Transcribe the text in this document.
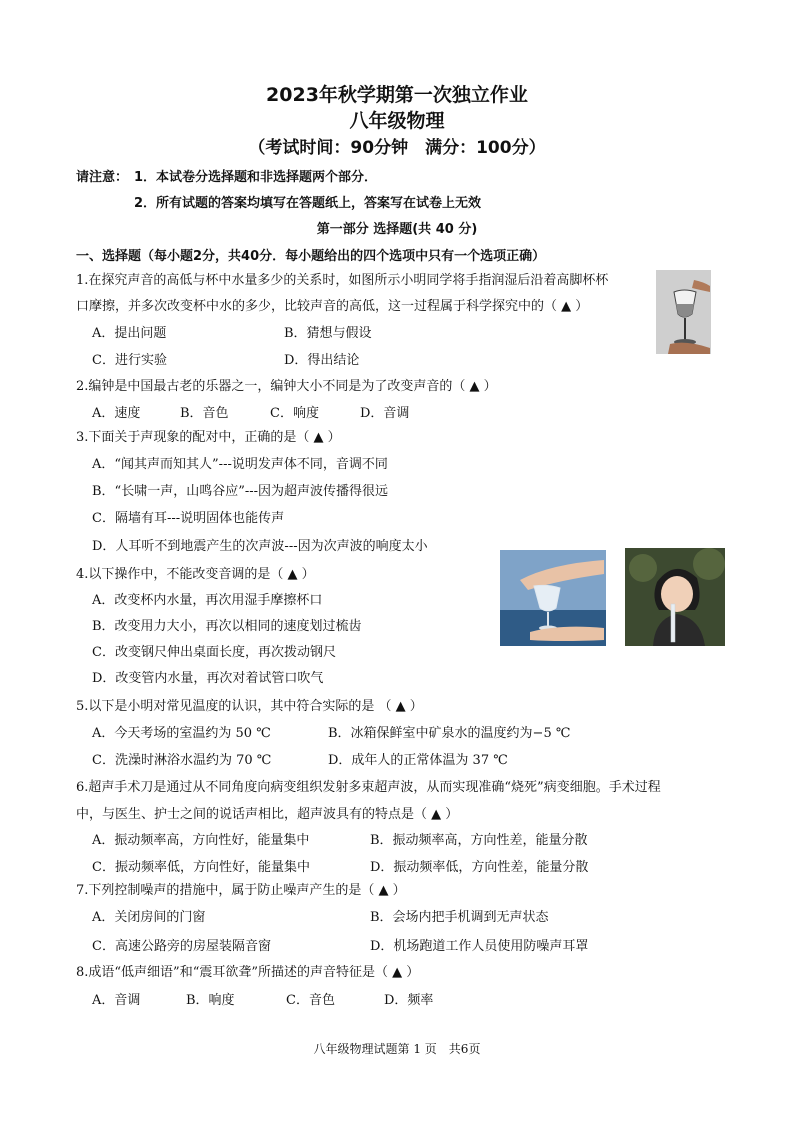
2023年秋学期第一次独立作业
八年级物理
（考试时间：90分钟　满分：100分）
请注意： 1．本试卷分选择题和非选择题两个部分．
2．所有试题的答案均填写在答题纸上，答案写在试卷上无效
第一部分 选择题(共 40 分)
一、选择题（每小题2分，共40分．每小题给出的四个选项中只有一个选项正确）
1.在探究声音的高低与杯中水量多少的关系时，如图所示小明同学将手指润湿后沿着高脚杯杯
口摩擦，并多次改变杯中水的多少，比较声音的高低，这一过程属于科学探究中的（ ▲ ）
A．提出问题	B．猜想与假设
C．进行实验	D．得出结论
2.编钟是中国最古老的乐器之一，编钟大小不同是为了改变声音的（ ▲ ）
A．速度	B．音色	C．响度	D．音调
3.下面关于声现象的配对中，正确的是（ ▲ ）
A．“闻其声而知其人”---说明发声体不同，音调不同
B．“长啸一声，山鸣谷应”---因为超声波传播得很远
C．隔墙有耳---说明固体也能传声
D．人耳听不到地震产生的次声波---因为次声波的响度太小
4.以下操作中，不能改变音调的是（ ▲ ）
A．改变杯内水量，再次用湿手摩擦杯口
B．改变用力大小，再次以相同的速度划过梳齿
C．改变钢尺伸出桌面长度，再次拨动钢尺
D．改变管内水量，再次对着试管口吹气
5.以下是小明对常见温度的认识，其中符合实际的是 （ ▲ ）
A．今天考场的室温约为 50 ℃	B．冰箱保鲜室中矿泉水的温度约为−5 ℃
C．洗澡时淋浴水温约为 70 ℃	D．成年人的正常体温为 37 ℃
6.超声手术刀是通过从不同角度向病变组织发射多束超声波，从而实现准确“烧死”病变细胞。手术过程
中，与医生、护士之间的说话声相比，超声波具有的特点是（ ▲ ）
A．振动频率高，方向性好，能量集中	B．振动频率高，方向性差，能量分散
C．振动频率低，方向性好，能量集中	D．振动频率低，方向性差，能量分散
7.下列控制噪声的措施中，属于防止噪声产生的是（ ▲ ）
A．关闭房间的门窗	B．会场内把手机调到无声状态
C．高速公路旁的房屋装隔音窗	D．机场跑道工作人员使用防噪声耳罩
8.成语“低声细语”和“震耳欲聋”所描述的声音特征是（ ▲ ）
A．音调	B．响度	C．音色	D．频率
八年级物理试题第 1 页　共6页
